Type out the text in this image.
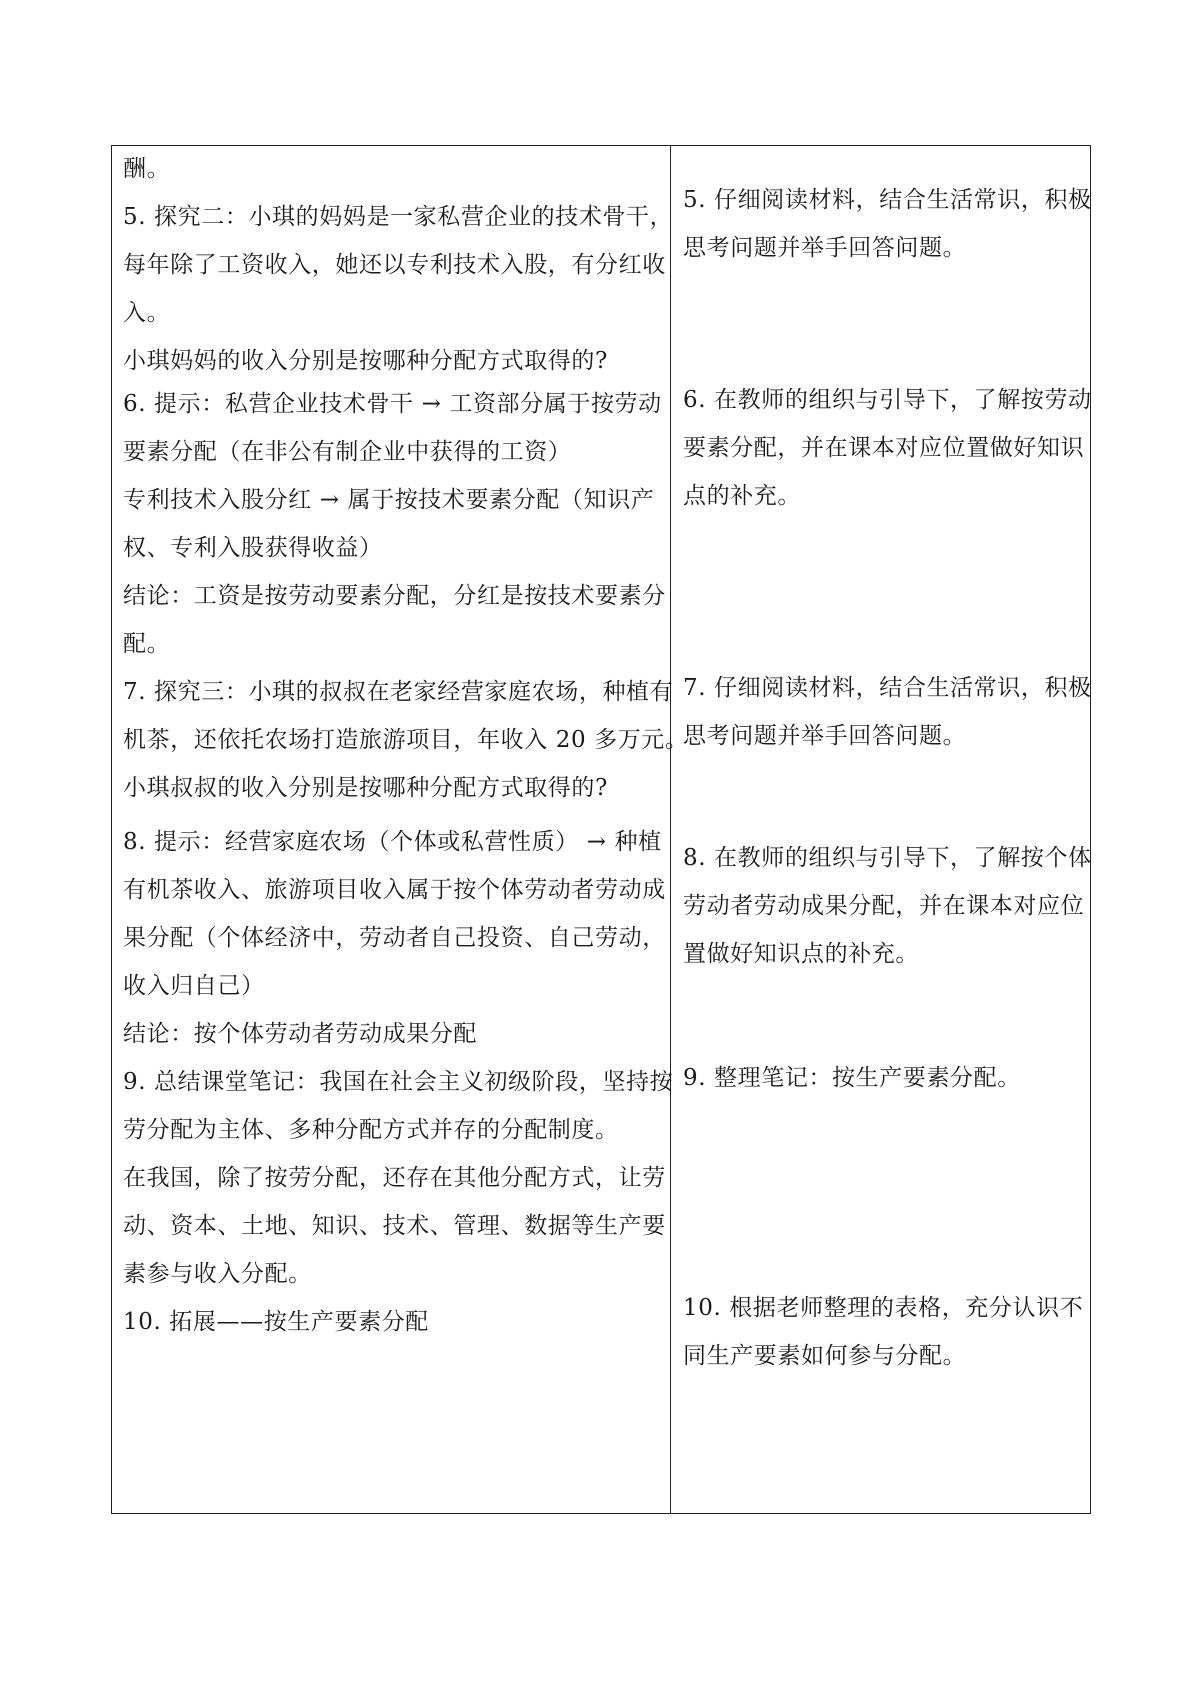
酬。
5. 探究二：小琪的妈妈是一家私营企业的技术骨干，
每年除了工资收入，她还以专利技术入股，有分红收
入。
小琪妈妈的收入分别是按哪种分配方式取得的?
6. 提示：私营企业技术骨干 → 工资部分属于按劳动
要素分配（在非公有制企业中获得的工资）
专利技术入股分红 → 属于按技术要素分配（知识产
权、专利入股获得收益）
结论：工资是按劳动要素分配，分红是按技术要素分
配。
7. 探究三：小琪的叔叔在老家经营家庭农场，种植有
机茶，还依托农场打造旅游项目，年收入 20 多万元。
小琪叔叔的收入分别是按哪种分配方式取得的?
8. 提示：经营家庭农场（个体或私营性质） → 种植
有机茶收入、旅游项目收入属于按个体劳动者劳动成
果分配（个体经济中，劳动者自己投资、自己劳动，
收入归自己）
结论：按个体劳动者劳动成果分配
9. 总结课堂笔记：我国在社会主义初级阶段，坚持按
劳分配为主体、多种分配方式并存的分配制度。
在我国，除了按劳分配，还存在其他分配方式，让劳
动、资本、土地、知识、技术、管理、数据等生产要
素参与收入分配。
10. 拓展——按生产要素分配
5. 仔细阅读材料，结合生活常识，积极
思考问题并举手回答问题。
6. 在教师的组织与引导下，了解按劳动
要素分配，并在课本对应位置做好知识
点的补充。
7. 仔细阅读材料，结合生活常识，积极
思考问题并举手回答问题。
8. 在教师的组织与引导下，了解按个体
劳动者劳动成果分配，并在课本对应位
置做好知识点的补充。
9. 整理笔记：按生产要素分配。
10. 根据老师整理的表格，充分认识不
同生产要素如何参与分配。
